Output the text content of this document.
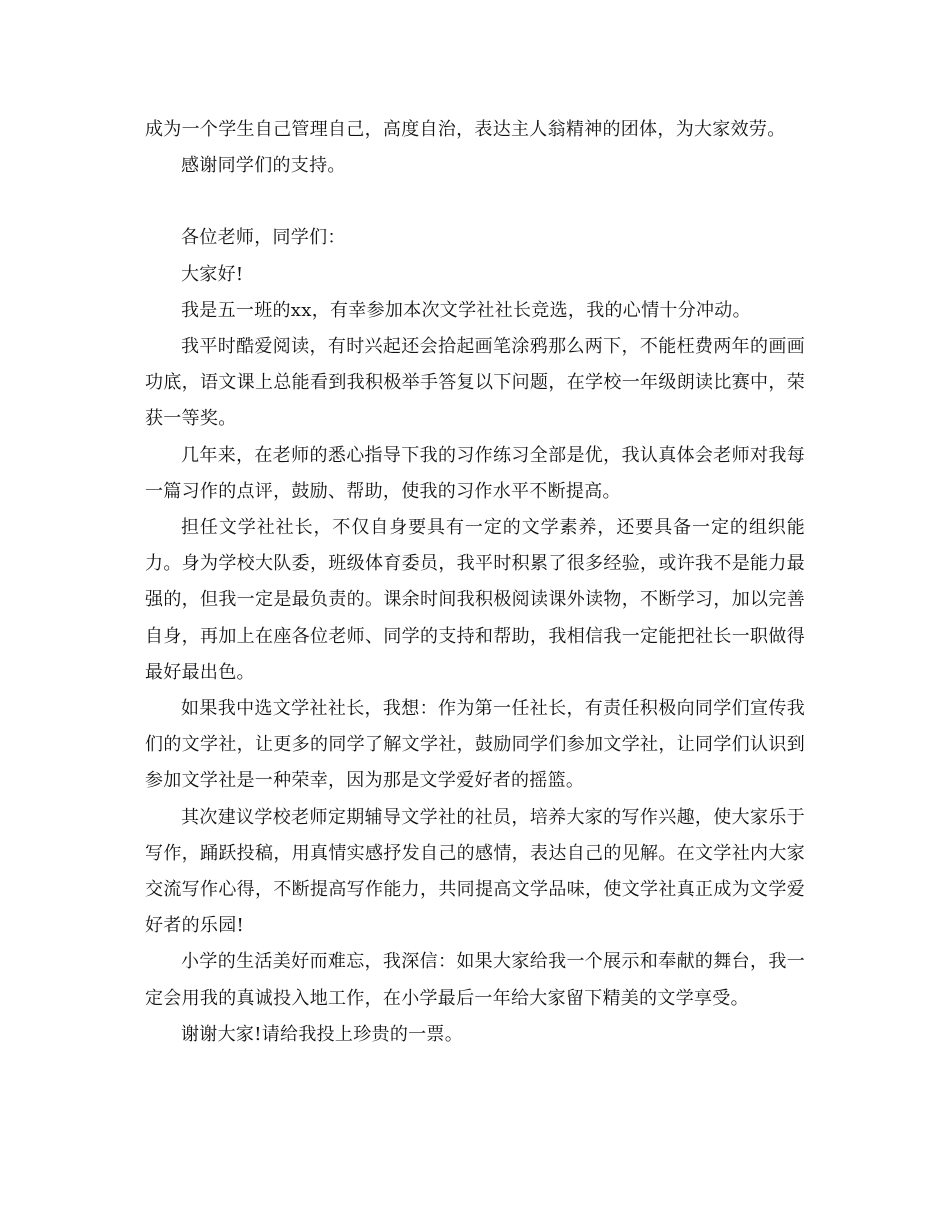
成为一个学生自己管理自己，高度自治，表达主人翁精神的团体，为大家效劳。

感谢同学们的支持。

各位老师，同学们：

大家好!

我是五一班的xx，有幸参加本次文学社社长竞选，我的心情十分冲动。

我平时酷爱阅读，有时兴起还会拾起画笔涂鸦那么两下，不能枉费两年的画画功底，语文课上总能看到我积极举手答复以下问题，在学校一年级朗读比赛中，荣获一等奖。

几年来，在老师的悉心指导下我的习作练习全部是优，我认真体会老师对我每一篇习作的点评，鼓励、帮助，使我的习作水平不断提高。

担任文学社社长，不仅自身要具有一定的文学素养，还要具备一定的组织能力。身为学校大队委，班级体育委员，我平时积累了很多经验，或许我不是能力最强的，但我一定是最负责的。课余时间我积极阅读课外读物，不断学习，加以完善自身，再加上在座各位老师、同学的支持和帮助，我相信我一定能把社长一职做得最好最出色。

如果我中选文学社社长，我想：作为第一任社长，有责任积极向同学们宣传我们的文学社，让更多的同学了解文学社，鼓励同学们参加文学社，让同学们认识到参加文学社是一种荣幸，因为那是文学爱好者的摇篮。

其次建议学校老师定期辅导文学社的社员，培养大家的写作兴趣，使大家乐于写作，踊跃投稿，用真情实感抒发自己的感情，表达自己的见解。在文学社内大家交流写作心得，不断提高写作能力，共同提高文学品味，使文学社真正成为文学爱好者的乐园!

小学的生活美好而难忘，我深信：如果大家给我一个展示和奉献的舞台，我一定会用我的真诚投入地工作，在小学最后一年给大家留下精美的文学享受。

谢谢大家!请给我投上珍贵的一票。
